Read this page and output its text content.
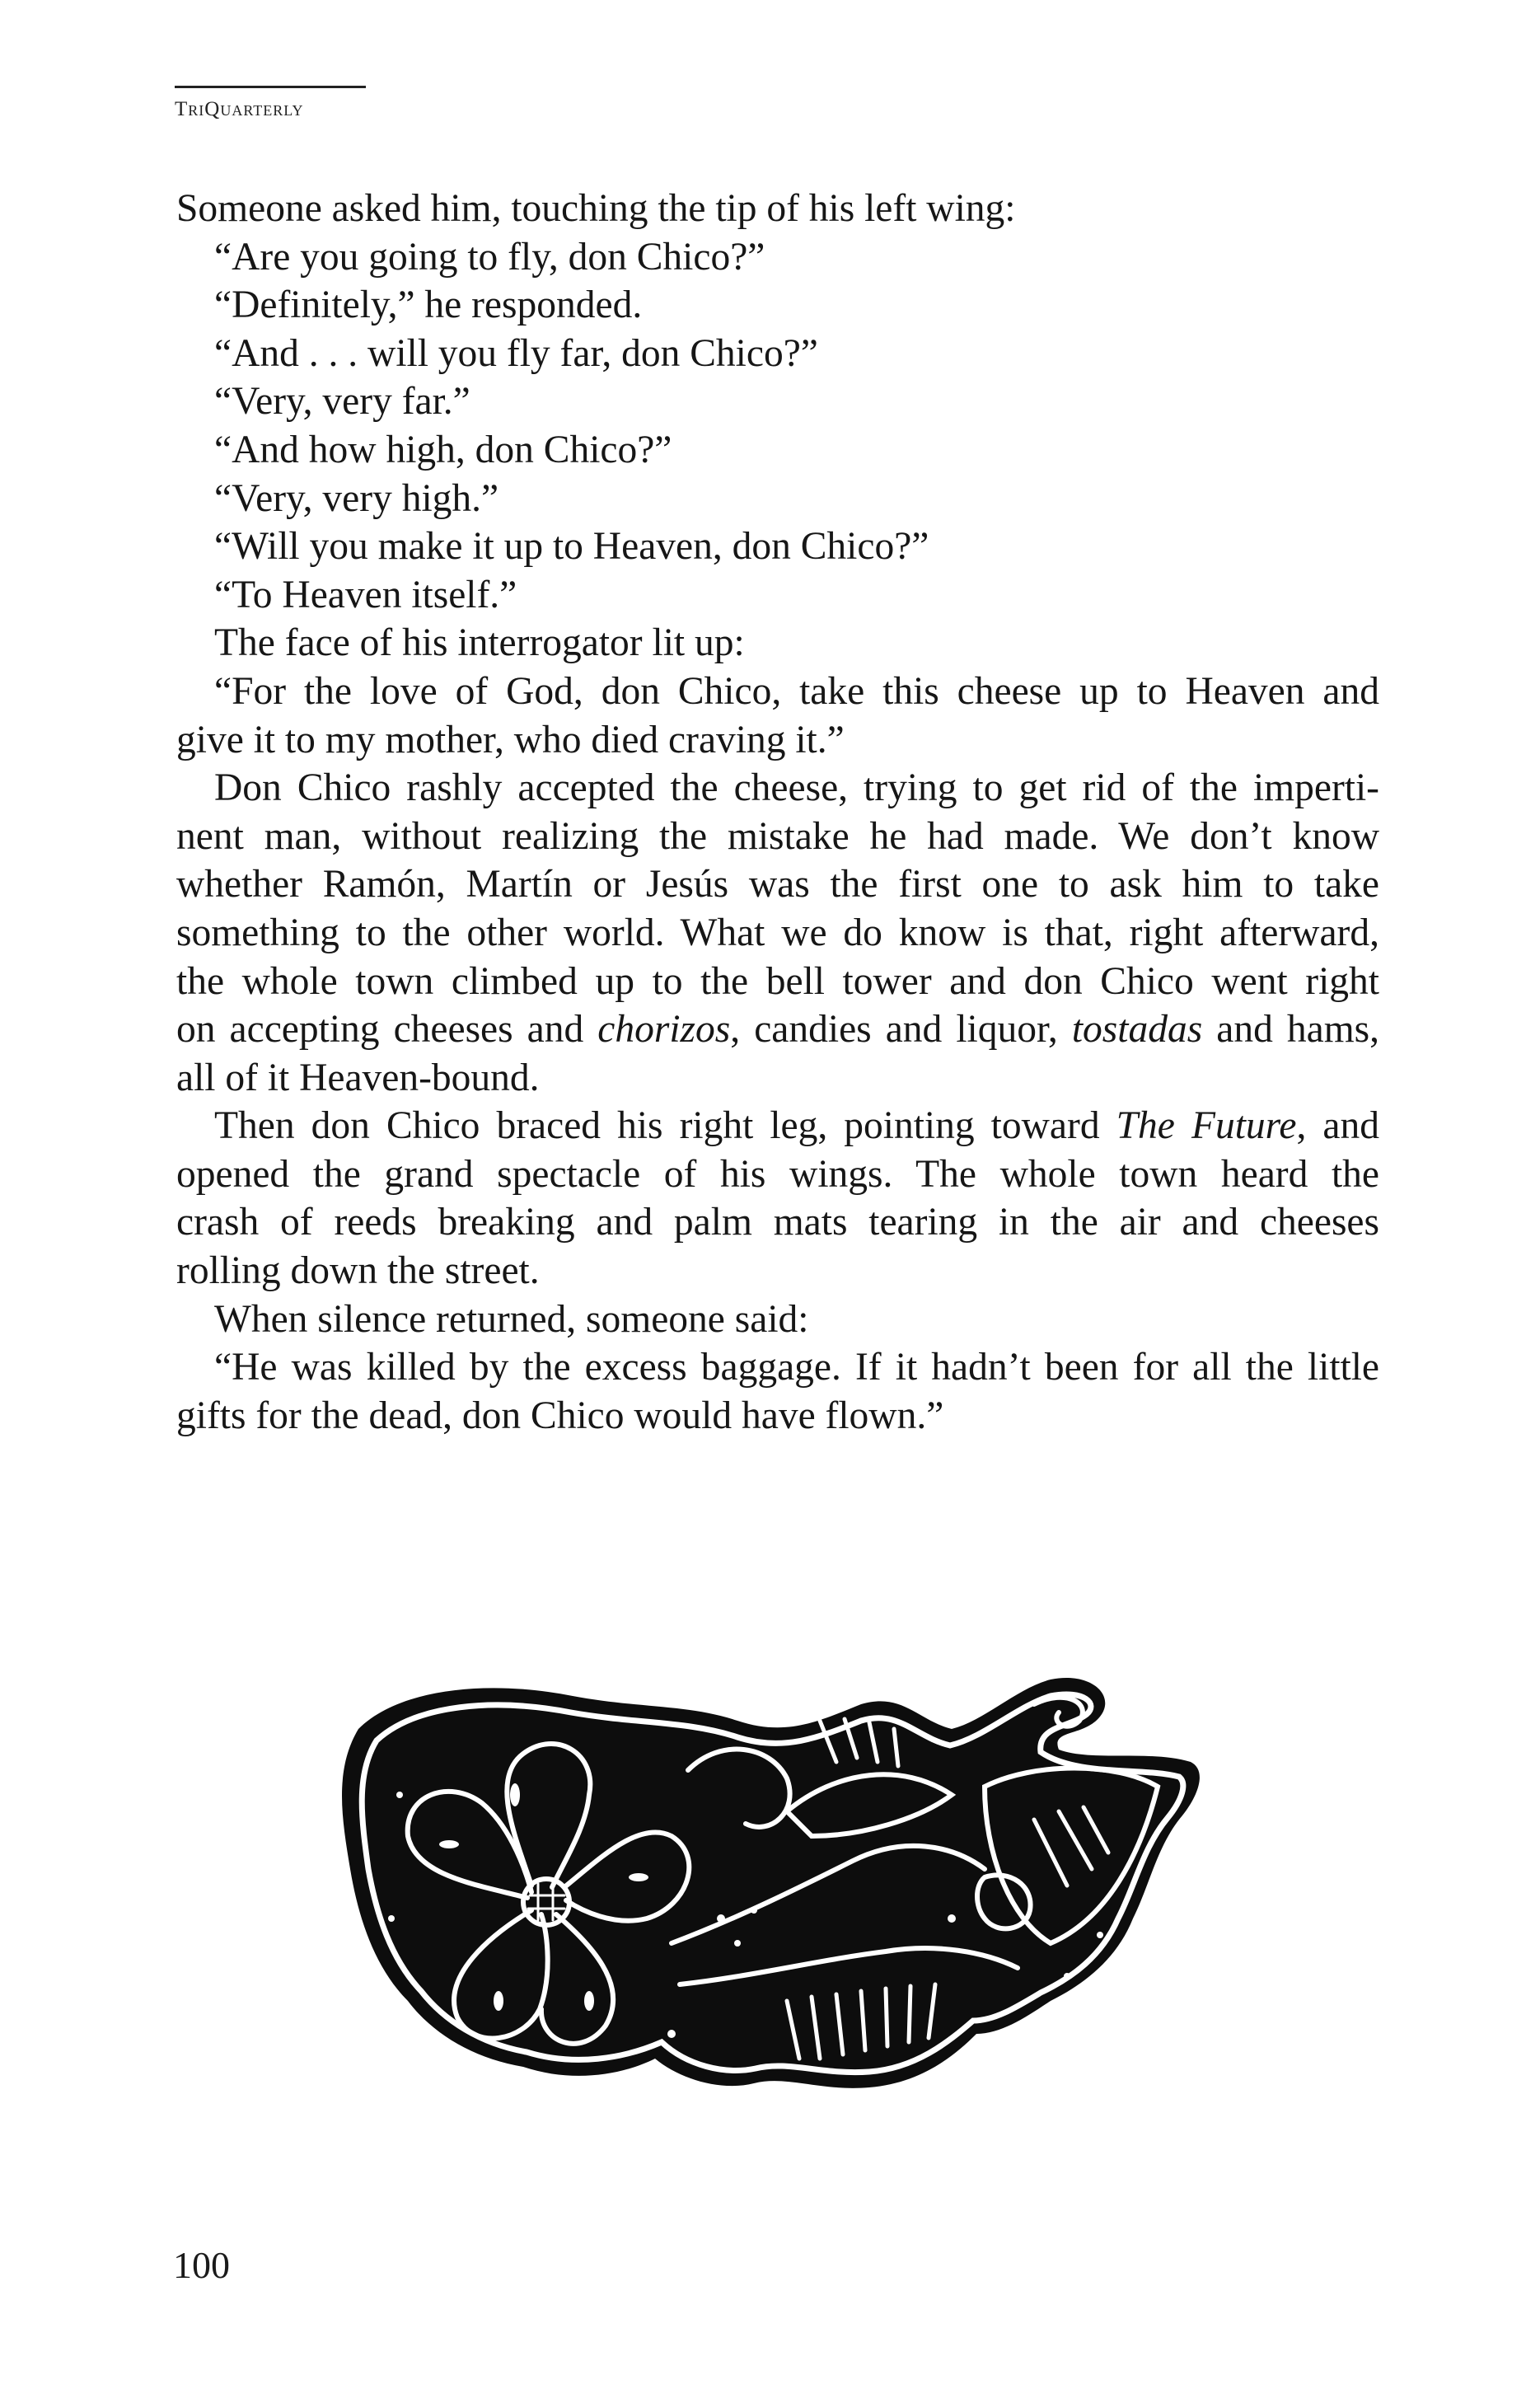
TriQuarterly
Someone asked him, touching the tip of his left wing:
“Are you going to fly, don Chico?”
“Definitely,” he responded.
“And . . . will you fly far, don Chico?”
“Very, very far.”
“And how high, don Chico?”
“Very, very high.”
“Will you make it up to Heaven, don Chico?”
“To Heaven itself.”
The face of his interrogator lit up:
“For the love of God, don Chico, take this cheese up to Heaven and
give it to my mother, who died craving it.”
Don Chico rashly accepted the cheese, trying to get rid of the imperti-
nent man, without realizing the mistake he had made. We don’t know
whether Ramón, Martín or Jesús was the first one to ask him to take
something to the other world. What we do know is that, right afterward,
the whole town climbed up to the bell tower and don Chico went right
on accepting cheeses and chorizos, candies and liquor, tostadas and hams,
all of it Heaven-bound.
Then don Chico braced his right leg, pointing toward The Future, and
opened the grand spectacle of his wings. The whole town heard the
crash of reeds breaking and palm mats tearing in the air and cheeses
rolling down the street.
When silence returned, someone said:
“He was killed by the excess baggage. If it hadn’t been for all the little
gifts for the dead, don Chico would have flown.”
100
